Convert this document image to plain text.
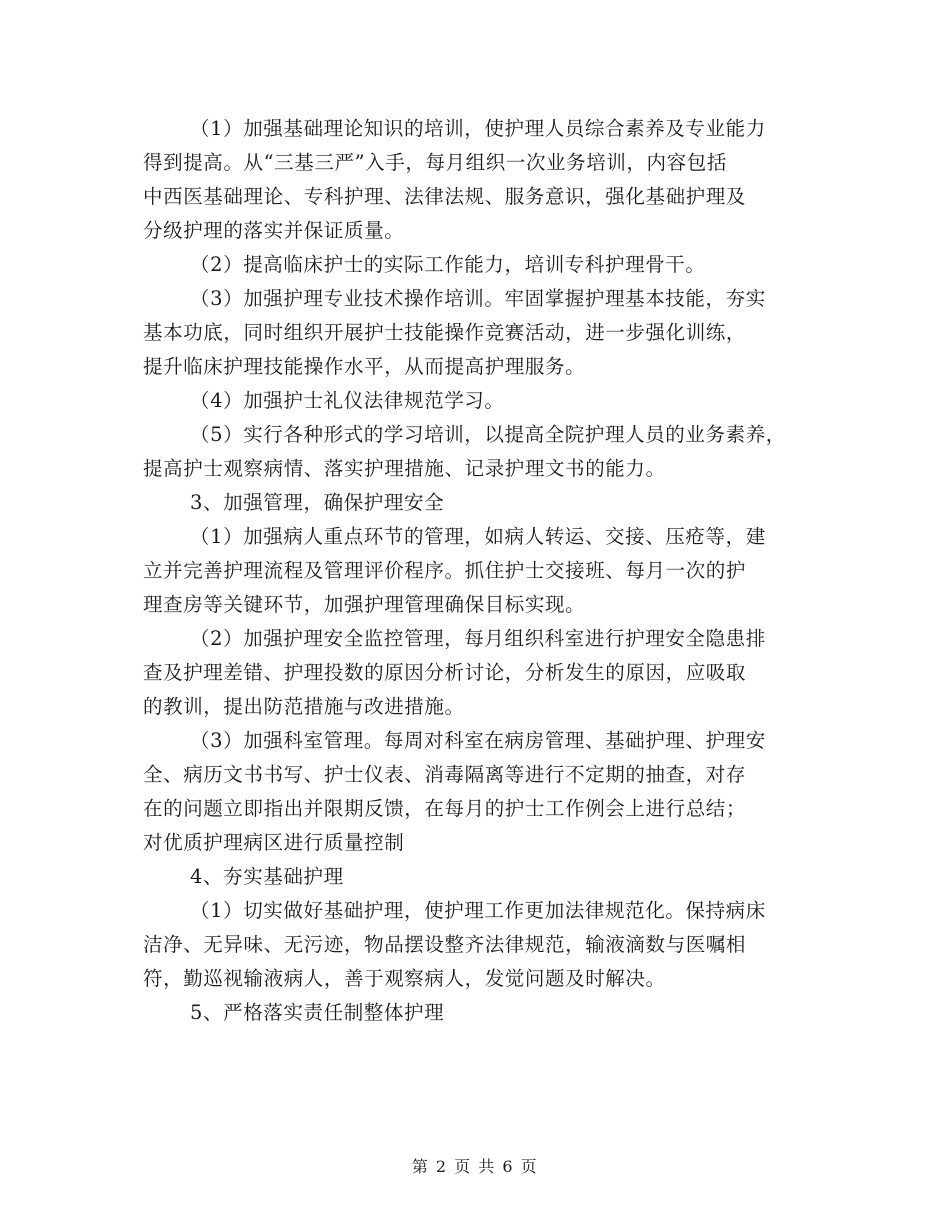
（1）加强基础理论知识的培训，使护理人员综合素养及专业能力
得到提高。从“三基三严”入手，每月组织一次业务培训，内容包括
中西医基础理论、专科护理、法律法规、服务意识，强化基础护理及
分级护理的落实并保证质量。
（2）提高临床护士的实际工作能力，培训专科护理骨干。
（3）加强护理专业技术操作培训。牢固掌握护理基本技能，夯实
基本功底，同时组织开展护士技能操作竞赛活动，进一步强化训练，
提升临床护理技能操作水平，从而提高护理服务。
（4）加强护士礼仪法律规范学习。
（5）实行各种形式的学习培训，以提高全院护理人员的业务素养，
提高护士观察病情、落实护理措施、记录护理文书的能力。
3、加强管理，确保护理安全
（1）加强病人重点环节的管理，如病人转运、交接、压疮等，建
立并完善护理流程及管理评价程序。抓住护士交接班、每月一次的护
理查房等关键环节，加强护理管理确保目标实现。
（2）加强护理安全监控管理，每月组织科室进行护理安全隐患排
查及护理差错、护理投数的原因分析讨论，分析发生的原因，应吸取
的教训，提出防范措施与改进措施。
（3）加强科室管理。每周对科室在病房管理、基础护理、护理安
全、病历文书书写、护士仪表、消毒隔离等进行不定期的抽查，对存
在的问题立即指出并限期反馈，在每月的护士工作例会上进行总结；
对优质护理病区进行质量控制
4、夯实基础护理
（1）切实做好基础护理，使护理工作更加法律规范化。保持病床
洁净、无异味、无污迹，物品摆设整齐法律规范，输液滴数与医嘱相
符，勤巡视输液病人，善于观察病人，发觉问题及时解决。
5、严格落实责任制整体护理
第 2 页 共 6 页
